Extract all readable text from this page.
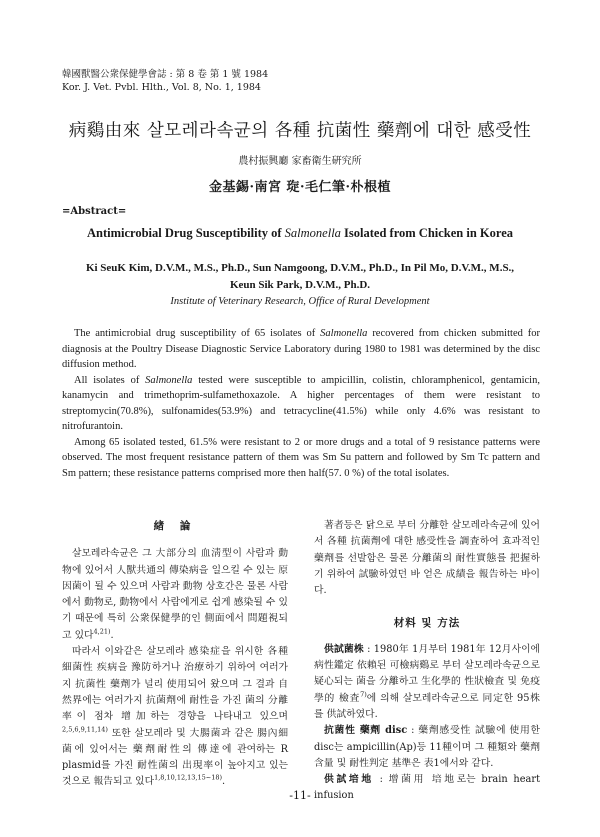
韓國獸醫公衆保健學會誌 : 第 8 卷 第 1 號 1984
Kor. J. Vet. Pvbl. Hlth., Vol. 8, No. 1, 1984
病鷄由來 살모레라속균의 各種 抗菌性 藥劑에 대한 感受性
農村振興廳 家畜衛生硏究所
金基錫·南宮 琁·毛仁筆·朴根植
=Abstract=
Antimicrobial Drug Susceptibility of Salmonella Isolated from Chicken in Korea
Ki SeuK Kim, D.V.M., M.S., Ph.D., Sun Namgoong, D.V.M., Ph.D., In Pil Mo, D.V.M., M.S.,
Keun Sik Park, D.V.M., Ph.D.
Institute of Veterinary Research, Office of Rural Development

The antimicrobial drug susceptibility of 65 isolates of Salmonella recovered from chicken submitted for diagnosis at the Poultry Disease Diagnostic Service Laboratory during 1980 to 1981 was determined by the disc diffusion method.

All isolates of Salmonella tested were susceptible to ampicillin, colistin, chloramphenicol, gentamicin, kanamycin and trimethoprim-sulfamethoxazole. A higher percentages of them were resistant to streptomycin(70.8%), sulfonamides(53.9%) and tetracycline(41.5%) while only 4.6% was resistant to nitrofurantoin.

Among 65 isolated tested, 61.5% were resistant to 2 or more drugs and a total of 9 resistance patterns were observed. The most frequent resistance pattern of them was Sm Su pattern and followed by Sm Tc pattern and Sm pattern; these resistance patterns comprised more then half(57. 0 %) of the total isolates.

緖 論

살모레라속균은 그 大部分의 血淸型이 사람과 動物에 있어서 人獸共通의 傳染病을 일으킬 수 있는 原因菌이 될 수 있으며 사람과 動物 상호간은 물론 사람에서 動物로, 動物에서 사람에게로 쉽게 感染될 수 있기 때문에 특히 公衆保健學的인 側面에서 問題視되고 있다$^{4,21)}$.

따라서 이와같은 살모레라 感染症을 위시한 各種 細菌性 疾病을 豫防하거나 治療하기 위하여 여러가지 抗菌性 藥劑가 널리 使用되어 왔으며 그 결과 自然界에는 여러가지 抗菌劑에 耐性을 가진 菌의 分離率이 점차 增加하는 경향을 나타내고 있으며$^{2,5,6,9,11,14)}$ 또한 살모레라 및 大腸菌과 같은 腸內細菌에 있어서는 藥劑耐性의 傳達에 관여하는 R plasmid를 가진 耐性菌의 出現率이 높아지고 있는 것으로 報告되고 있다$^{1,8,10,12,13,15\sim 18)}$.

著者등은 닭으로 부터 分離한 살모레라속균에 있어서 各種 抗菌劑에 대한 感受性을 調査하여 효과적인 藥劑를 선발함은 물론 分離菌의 耐性實態를 把握하기 위하여 試驗하였던 바 얻은 成績을 報告하는 바이다.

材料 및 方法

供試菌株 : 1980年 1月부터 1981年 12月사이에 病性鑑定 依賴된 可檢病鷄로 부터 살모레라속균으로 疑心되는 菌을 分離하고 生化學的 性狀檢査 및 免疫學的 檢査$^{7)}$에 의해 살모레라속균으로 同定한 95株를 供試하였다.

抗菌性 藥劑 disc : 藥劑感受性 試驗에 使用한 disc는 ampicillin(Ap)등 11種이며 그 種類와 藥劑含量 및 耐性判定 基準은 表1에서와 같다.

供試培地 : 增菌用 培地로는 brain heart infusion

-11-
